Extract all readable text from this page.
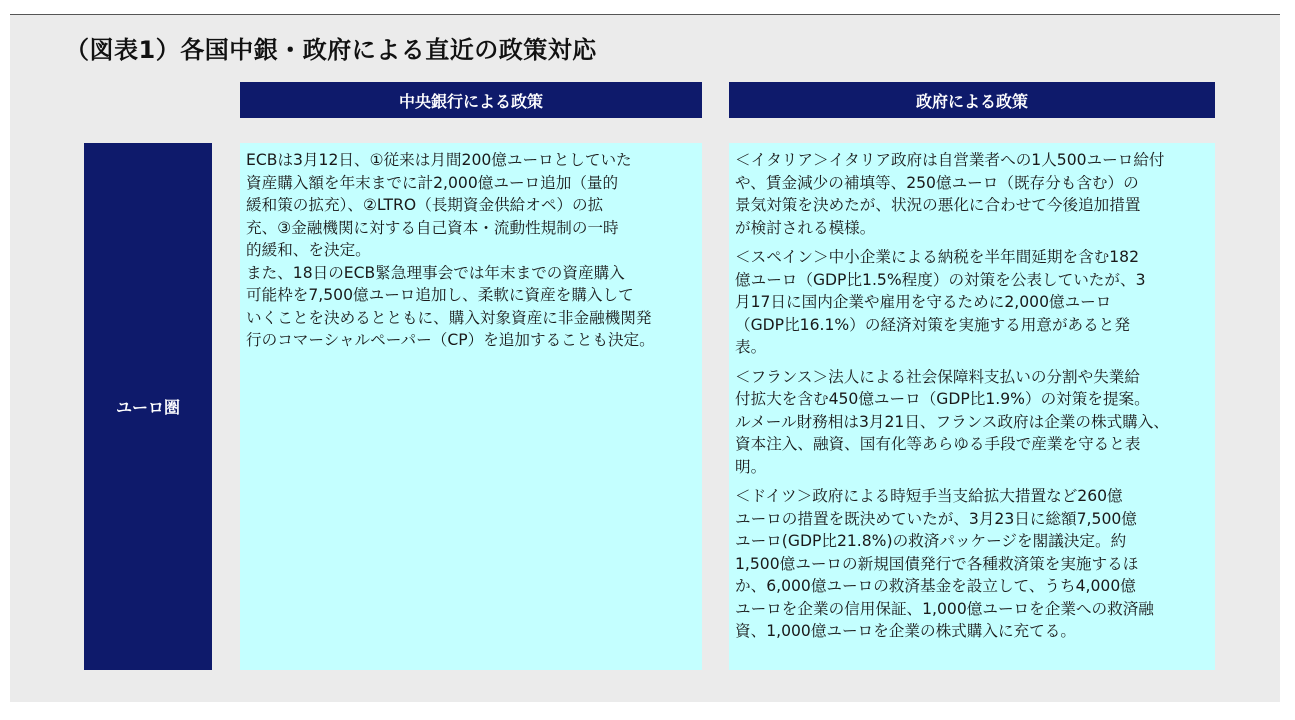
（図表1）各国中銀・政府による直近の政策対応
中央銀行による政策	政府による政策
ユーロ圏

ECBは3月12日、①従来は月間200億ユーロとしていた
資産購入額を年末までに計2,000億ユーロ追加（量的
緩和策の拡充）、②LTRO（長期資金供給オペ）の拡
充、③金融機関に対する自己資本・流動性規制の一時
的緩和、を決定。
また、18日のECB緊急理事会では年末までの資産購入
可能枠を7,500億ユーロ追加し、柔軟に資産を購入して
いくことを決めるとともに、購入対象資産に非金融機関発
行のコマーシャルペーパー（CP）を追加することも決定。

＜イタリア＞イタリア政府は自営業者への1人500ユーロ給付
や、賃金減少の補填等、250億ユーロ（既存分も含む）の
景気対策を決めたが、状況の悪化に合わせて今後追加措置
が検討される模様。

＜スペイン＞中小企業による納税を半年間延期を含む182
億ユーロ（GDP比1.5%程度）の対策を公表していたが、3
月17日に国内企業や雇用を守るために2,000億ユーロ
（GDP比16.1%）の経済対策を実施する用意があると発
表。

＜フランス＞法人による社会保障料支払いの分割や失業給
付拡大を含む450億ユーロ（GDP比1.9%）の対策を提案。
ルメール財務相は3月21日、フランス政府は企業の株式購入、
資本注入、融資、国有化等あらゆる手段で産業を守ると表
明。

＜ドイツ＞政府による時短手当支給拡大措置など260億
ユーロの措置を既決めていたが、3月23日に総額7,500億
ユーロ(GDP比21.8%)の救済パッケージを閣議決定。約
1,500億ユーロの新規国債発行で各種救済策を実施するほ
か、6,000億ユーロの救済基金を設立して、うち4,000億
ユーロを企業の信用保証、1,000億ユーロを企業への救済融
資、1,000億ユーロを企業の株式購入に充てる。
